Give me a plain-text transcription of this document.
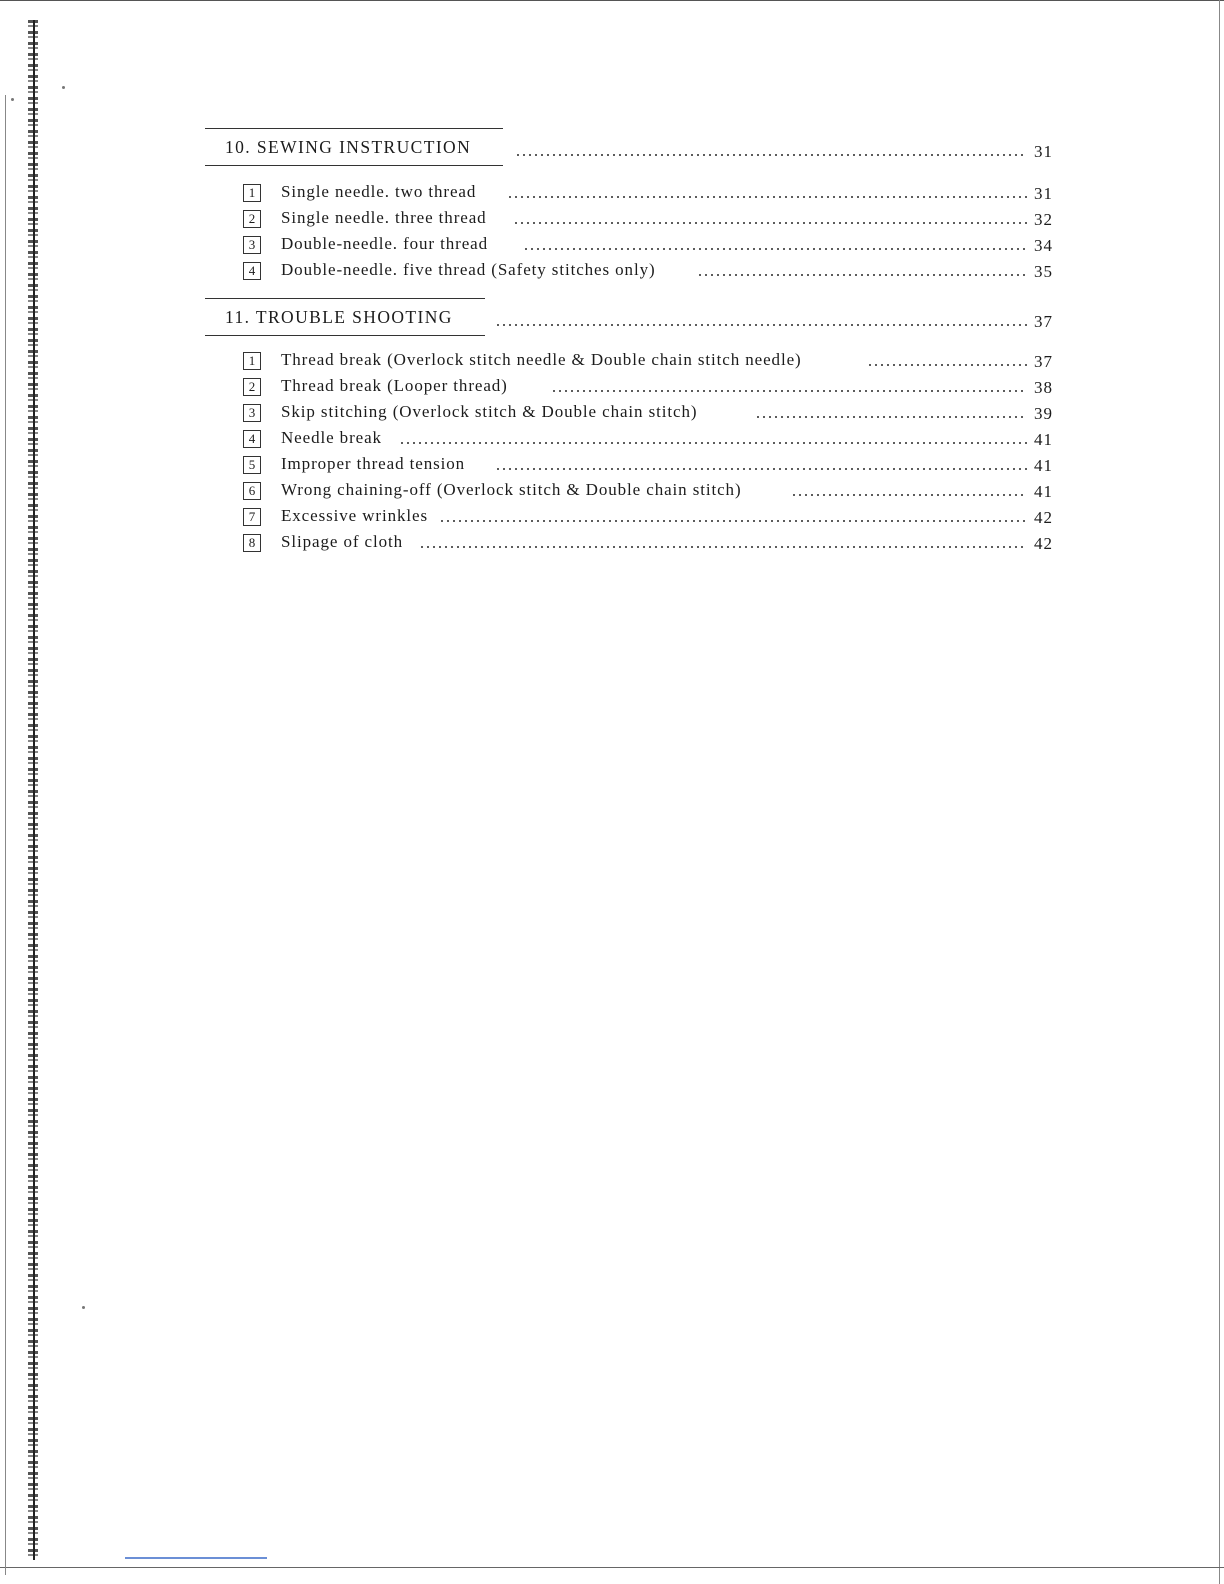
10. SEWING INSTRUCTION	31
1	Single needle. two thread	31
2	Single needle. three thread	32
3	Double-needle. four thread	34
4	Double-needle. five thread (Safety stitches only)	35
11. TROUBLE SHOOTING	37
1	Thread break (Overlock stitch needle & Double chain stitch needle)	37
2	Thread break (Looper thread)	38
3	Skip stitching (Overlock stitch & Double chain stitch)	39
4	Needle break	41
5	Improper thread tension	41
6	Wrong chaining-off (Overlock stitch & Double chain stitch)	41
7	Excessive wrinkles	42
8	Slipage of cloth	42
